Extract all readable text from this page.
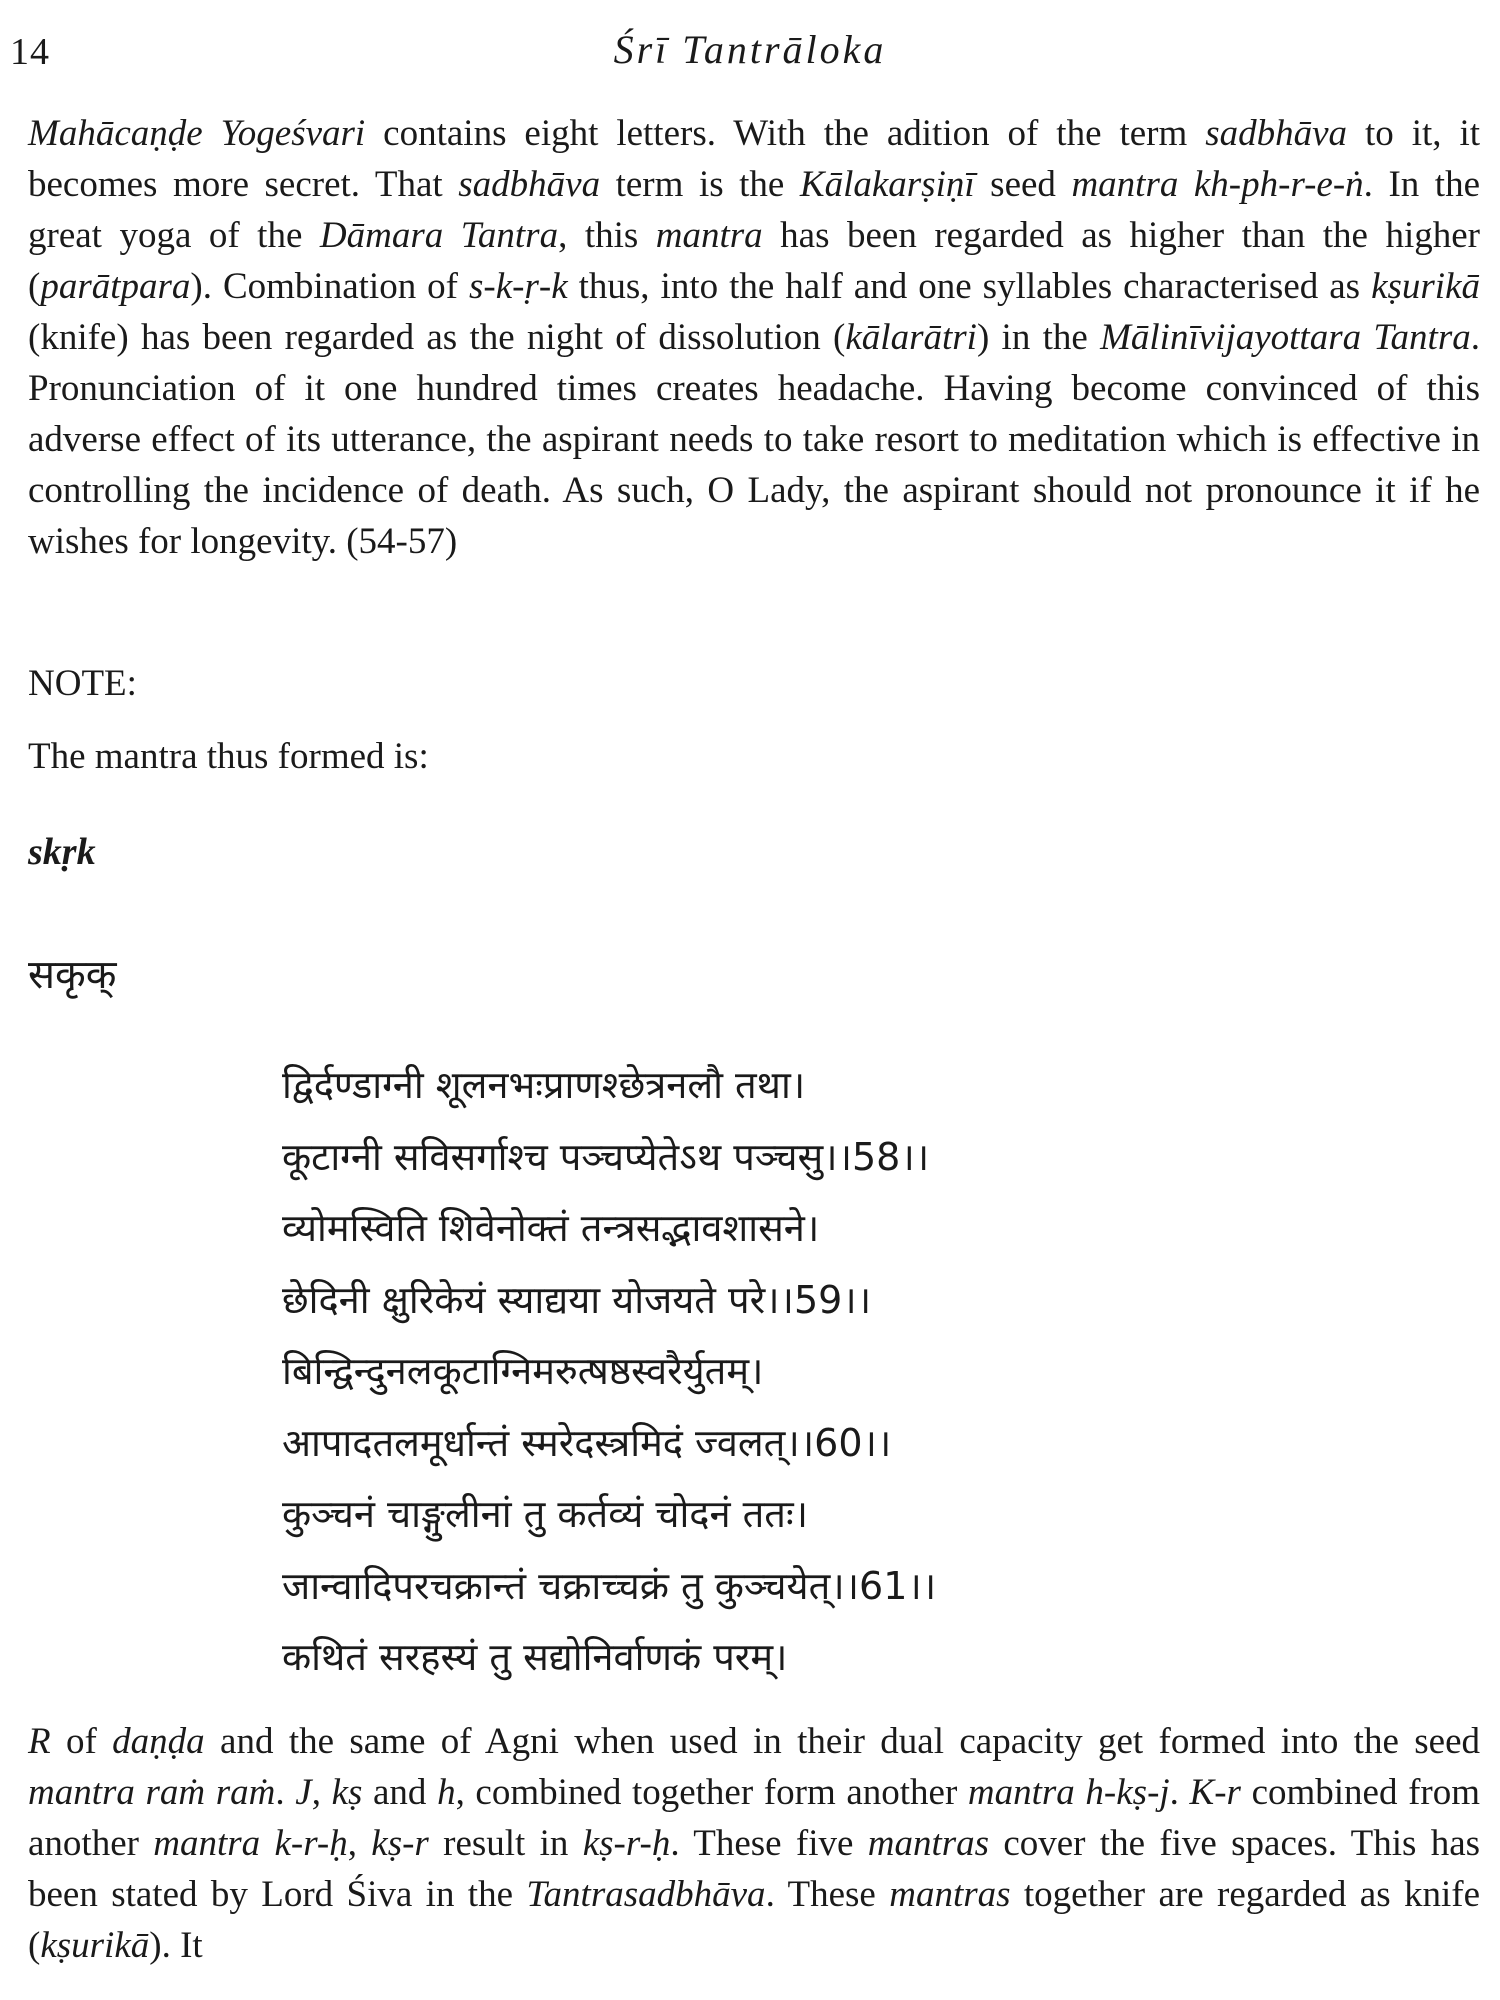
14	Śrī Tantrāloka

Mahācaṇḍe Yogeśvari contains eight letters. With the adition of the term sadbhāva to it, it becomes more secret. That sadbhāva term is the Kālakarṣiṇī seed mantra kh-ph-r-e-ṅ. In the great yoga of the Dāmara Tantra, this mantra has been regarded as higher than the higher (parātpara). Combination of s-k-ṛ-k thus, into the half and one syllables characterised as kṣurikā (knife) has been regarded as the night of dissolution (kālarātri) in the Mālinīvijayottara Tantra. Pronunciation of it one hundred times creates headache. Having become convinced of this adverse effect of its utterance, the aspirant needs to take resort to meditation which is effective in controlling the incidence of death. As such, O Lady, the aspirant should not pronounce it if he wishes for longevity. (54-57)

NOTE:
The mantra thus formed is:
skṛk
सकृक्
द्विर्दण्डाग्नी शूलनभःप्राणश्छेत्रनलौ तथा।
कूटाग्नी सविसर्गाश्च पञ्चप्येतेऽथ पञ्चसु।।58।।
व्योमस्विति शिवेनोक्तं तन्त्रसद्भावशासने।
छेदिनी क्षुरिकेयं स्याद्यया योजयते परे।।59।।
बिन्द्विन्दुनलकूटाग्निमरुत्षष्ठस्वरैर्युतम्।
आपादतलमूर्धान्तं स्मरेदस्त्रमिदं ज्वलत्।।60।।
कुञ्चनं चाङ्गुलीनां तु कर्तव्यं चोदनं ततः।
जान्वादिपरचक्रान्तं चक्राच्चक्रं तु कुञ्चयेत्।।61।।
कथितं सरहस्यं तु सद्योनिर्वाणकं परम्।

R of daṇḍa and the same of Agni when used in their dual capacity get formed into the seed mantra raṁ raṁ. J, kṣ and h, combined together form another mantra h-kṣ-j. K-r combined from another mantra k-r-ḥ, kṣ-r result in kṣ-r-ḥ. These five mantras cover the five spaces. This has been stated by Lord Śiva in the Tantrasadbhāva. These mantras together are regarded as knife (kṣurikā). It
